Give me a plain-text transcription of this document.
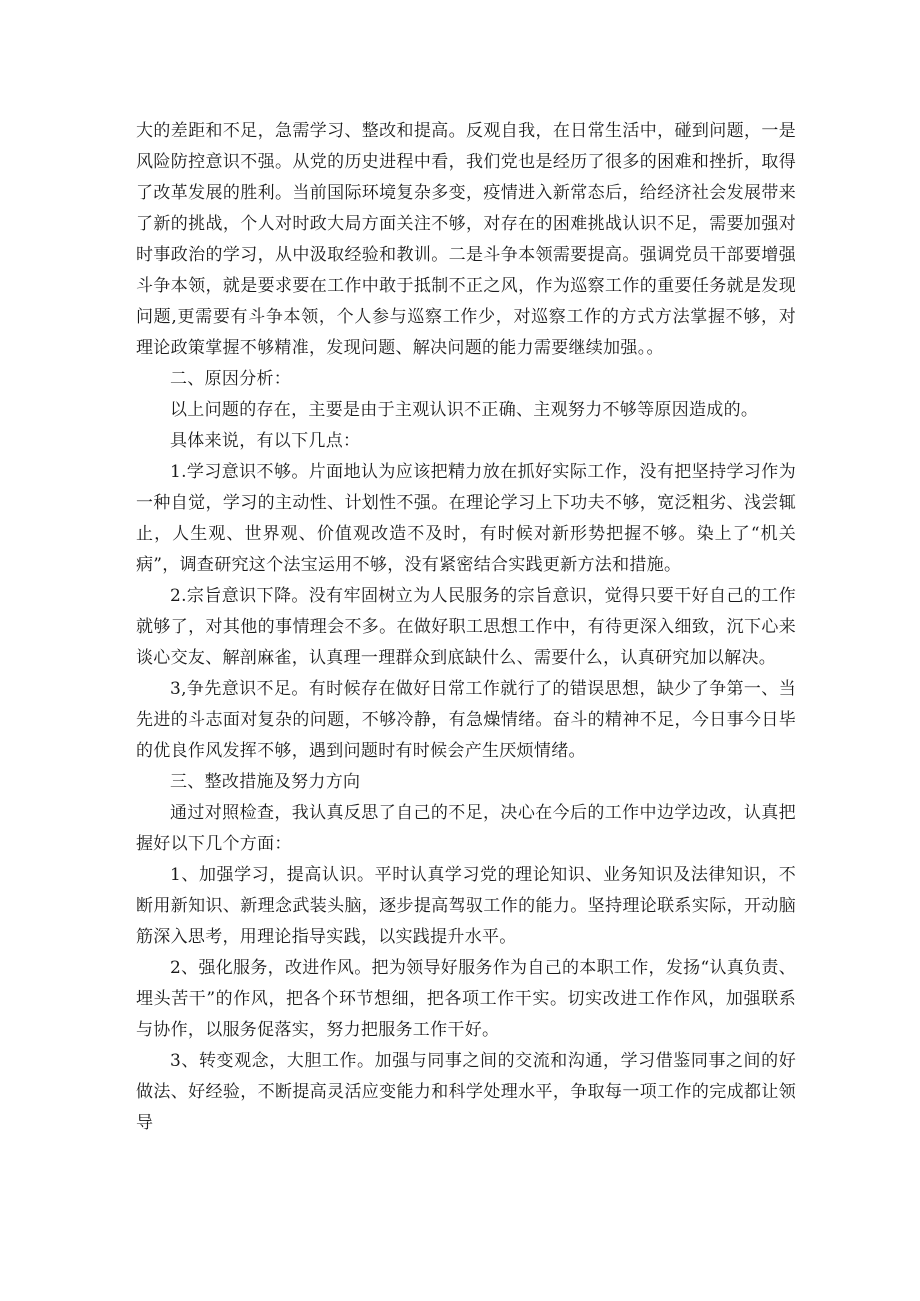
大的差距和不足，急需学习、整改和提高。反观自我，在日常生活中，碰到问题，一是风险防控意识不强。从党的历史进程中看，我们党也是经历了很多的困难和挫折，取得了改革发展的胜利。当前国际环境复杂多变，疫情进入新常态后，给经济社会发展带来了新的挑战，个人对时政大局方面关注不够，对存在的困难挑战认识不足，需要加强对时事政治的学习，从中汲取经验和教训。二是斗争本领需要提高。强调党员干部要增强斗争本领，就是要求要在工作中敢于抵制不正之风，作为巡察工作的重要任务就是发现问题,更需要有斗争本领，个人参与巡察工作少，对巡察工作的方式方法掌握不够，对理论政策掌握不够精准，发现问题、解决问题的能力需要继续加强。。

二、原因分析：

以上问题的存在，主要是由于主观认识不正确、主观努力不够等原因造成的。

具体来说，有以下几点：

1.学习意识不够。片面地认为应该把精力放在抓好实际工作，没有把坚持学习作为一种自觉，学习的主动性、计划性不强。在理论学习上下功夫不够，宽泛粗劣、浅尝辄止，人生观、世界观、价值观改造不及时，有时候对新形势把握不够。染上了“机关病”，调查研究这个法宝运用不够，没有紧密结合实践更新方法和措施。

2.宗旨意识下降。没有牢固树立为人民服务的宗旨意识，觉得只要干好自己的工作就够了，对其他的事情理会不多。在做好职工思想工作中，有待更深入细致，沉下心来谈心交友、解剖麻雀，认真理一理群众到底缺什么、需要什么，认真研究加以解决。

3,争先意识不足。有时候存在做好日常工作就行了的错误思想，缺少了争第一、当先进的斗志面对复杂的问题，不够冷静，有急燥情绪。奋斗的精神不足，今日事今日毕的优良作风发挥不够，遇到问题时有时候会产生厌烦情绪。

三、整改措施及努力方向

通过对照检查，我认真反思了自己的不足，决心在今后的工作中边学边改，认真把握好以下几个方面：

1、加强学习，提高认识。平时认真学习党的理论知识、业务知识及法律知识，不断用新知识、新理念武装头脑，逐步提高驾驭工作的能力。坚持理论联系实际，开动脑筋深入思考，用理论指导实践，以实践提升水平。

2、强化服务，改进作风。把为领导好服务作为自己的本职工作，发扬“认真负责、埋头苦干”的作风，把各个环节想细，把各项工作干实。切实改进工作作风，加强联系与协作，以服务促落实，努力把服务工作干好。

3、转变观念，大胆工作。加强与同事之间的交流和沟通，学习借鉴同事之间的好做法、好经验，不断提高灵活应变能力和科学处理水平，争取每一项工作的完成都让领导
